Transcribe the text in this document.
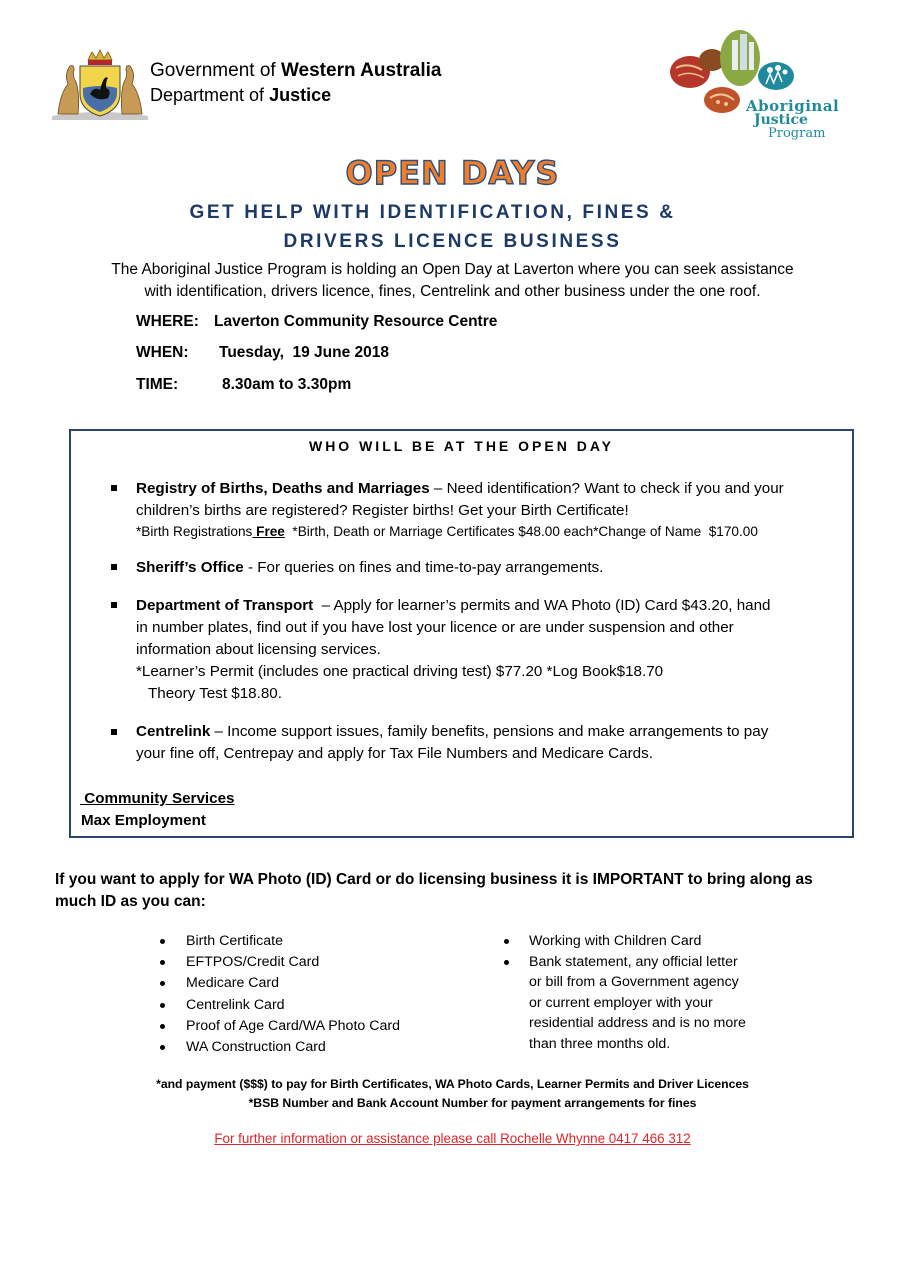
Government of Western Australia
Department of Justice
Aboriginal
Justice
Program
OPEN DAYS
GET HELP WITH IDENTIFICATION, FINES &
DRIVERS LICENCE BUSINESS
The Aboriginal Justice Program is holding an Open Day at Laverton where you can seek assistance
with identification, drivers licence, fines, Centrelink and other business under the one roof.
WHERE: Laverton Community Resource Centre
WHEN: Tuesday,  19 June 2018
TIME:	8.30am to 3.30pm
WHO WILL BE AT THE OPEN DAY
Registry of Births, Deaths and Marriages – Need identification? Want to check if you and your
children’s births are registered? Register births! Get your Birth Certificate!
*Birth Registrations Free  *Birth, Death or Marriage Certificates $48.00 each*Change of Name  $170.00
Sheriff’s Office - For queries on fines and time-to-pay arrangements.
Department of Transport  – Apply for learner’s permits and WA Photo (ID) Card $43.20, hand
in number plates, find out if you have lost your licence or are under suspension and other
information about licensing services.
*Learner’s Permit (includes one practical driving test) $77.20 *Log Book$18.70
Theory Test $18.80.
Centrelink – Income support issues, family benefits, pensions and make arrangements to pay
your fine off, Centrepay and apply for Tax File Numbers and Medicare Cards.
Community Services
Max Employment
If you want to apply for WA Photo (ID) Card or do licensing business it is IMPORTANT to bring along as
much ID as you can:
Birth Certificate
EFTPOS/Credit Card
Medicare Card
Centrelink Card
Proof of Age Card/WA Photo Card
WA Construction Card
Working with Children Card
Bank statement, any official letter
or bill from a Government agency
or current employer with your
residential address and is no more
than three months old.
*and payment ($$$) to pay for Birth Certificates, WA Photo Cards, Learner Permits and Driver Licences
*BSB Number and Bank Account Number for payment arrangements for fines
For further information or assistance please call Rochelle Whynne 0417 466 312
